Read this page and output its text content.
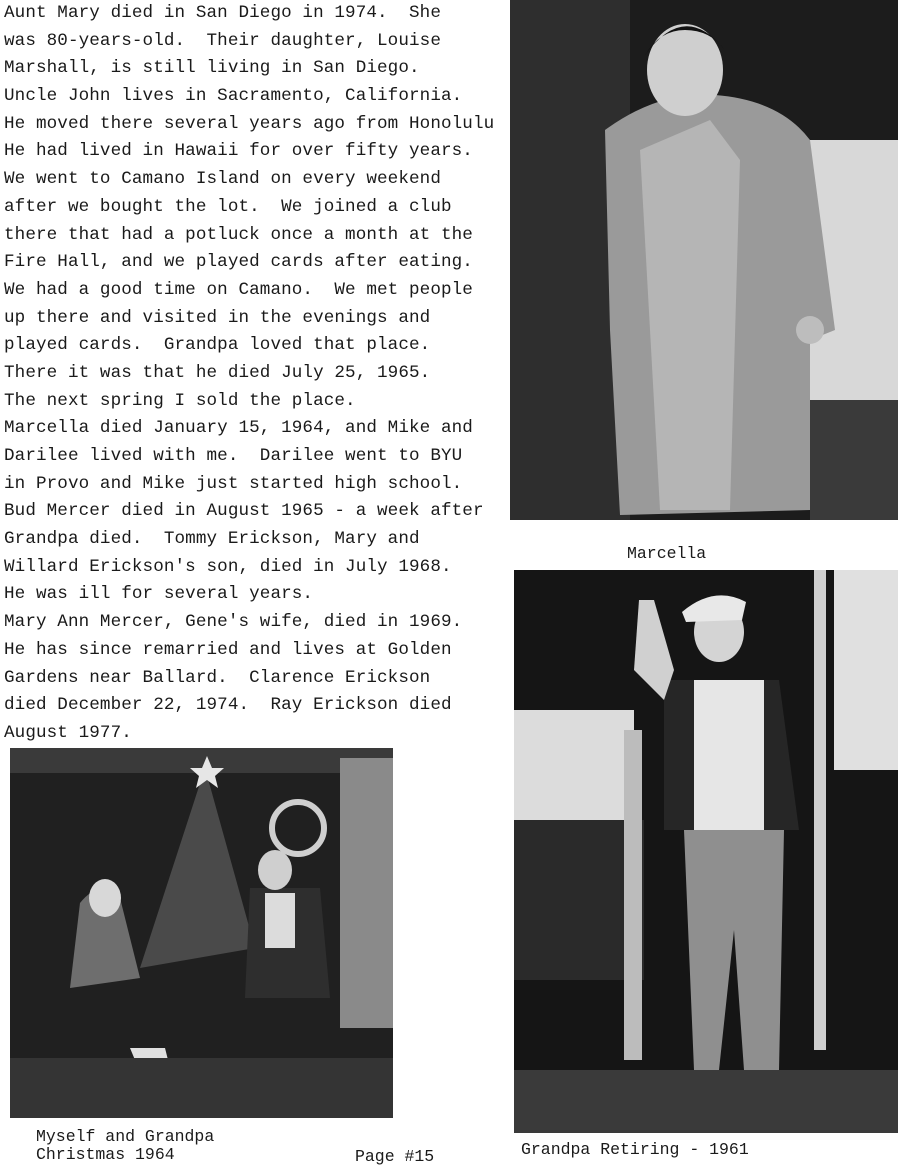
Aunt Mary died in San Diego in 1974.  She
was 80-years-old.  Their daughter, Louise
Marshall, is still living in San Diego.
Uncle John lives in Sacramento, California.
He moved there several years ago from Honolulu
He had lived in Hawaii for over fifty years.
We went to Camano Island on every weekend
after we bought the lot.  We joined a club
there that had a potluck once a month at the
Fire Hall, and we played cards after eating.
We had a good time on Camano.  We met people
up there and visited in the evenings and
played cards.  Grandpa loved that place.
There it was that he died July 25, 1965.
The next spring I sold the place.
Marcella died January 15, 1964, and Mike and
Darilee lived with me.  Darilee went to BYU
in Provo and Mike just started high school.
Bud Mercer died in August 1965 - a week after
Grandpa died.  Tommy Erickson, Mary and
Willard Erickson's son, died in July 1968.
He was ill for several years.
Mary Ann Mercer, Gene's wife, died in 1969.
He has since remarried and lives at Golden
Gardens near Ballard.  Clarence Erickson
died December 22, 1974.  Ray Erickson died
August 1977.
Marcella
Myself and Grandpa
Christmas 1964	Page #15	Grandpa Retiring - 1961
